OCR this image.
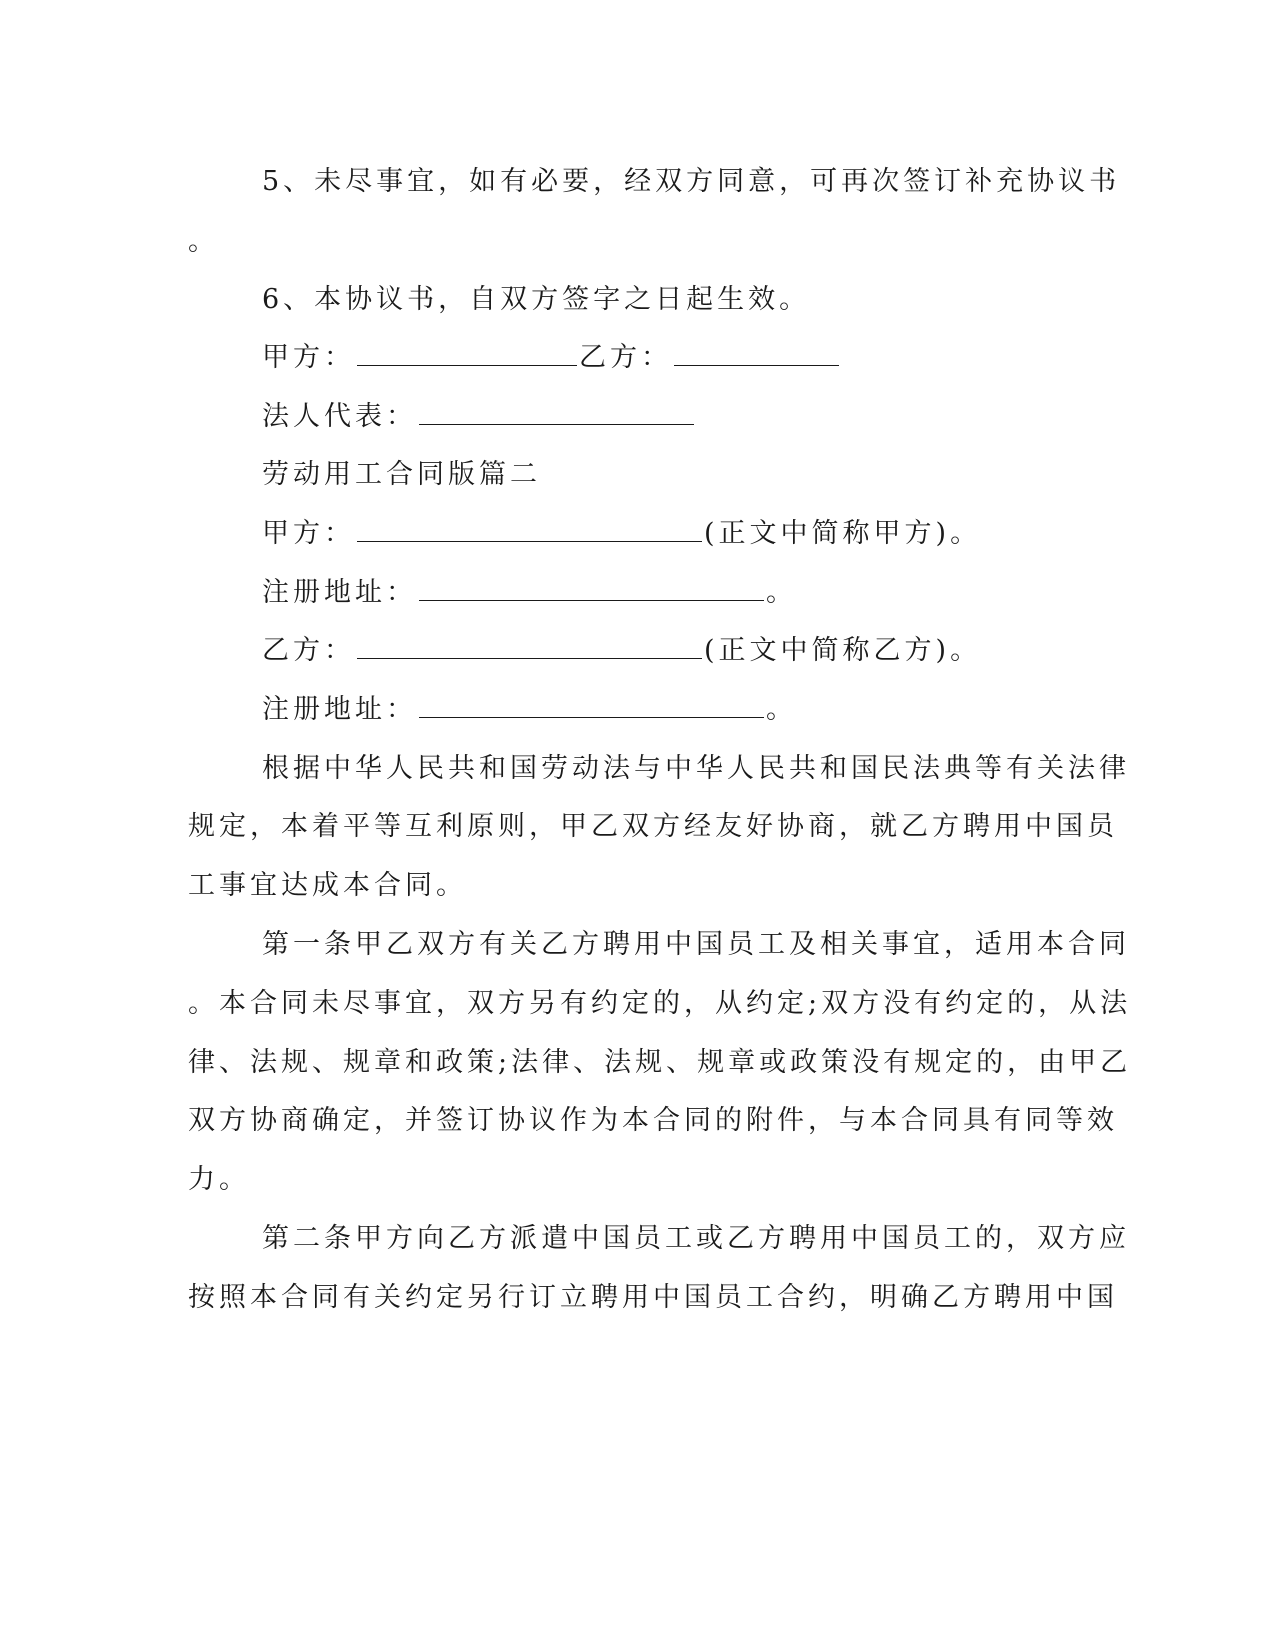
5、未尽事宜，如有必要，经双方同意，可再次签订补充协议书
。
6、本协议书，自双方签字之日起生效。
甲方：	乙方：
法人代表：
劳动用工合同版篇二
甲方：	(正文中简称甲方)。
注册地址：	。
乙方：	(正文中简称乙方)。
注册地址：	。
根据中华人民共和国劳动法与中华人民共和国民法典等有关法律
规定，本着平等互利原则，甲乙双方经友好协商，就乙方聘用中国员
工事宜达成本合同。
第一条甲乙双方有关乙方聘用中国员工及相关事宜，适用本合同
。本合同未尽事宜，双方另有约定的，从约定;双方没有约定的，从法
律、法规、规章和政策;法律、法规、规章或政策没有规定的，由甲乙
双方协商确定，并签订协议作为本合同的附件，与本合同具有同等效
力。
第二条甲方向乙方派遣中国员工或乙方聘用中国员工的，双方应
按照本合同有关约定另行订立聘用中国员工合约，明确乙方聘用中国
